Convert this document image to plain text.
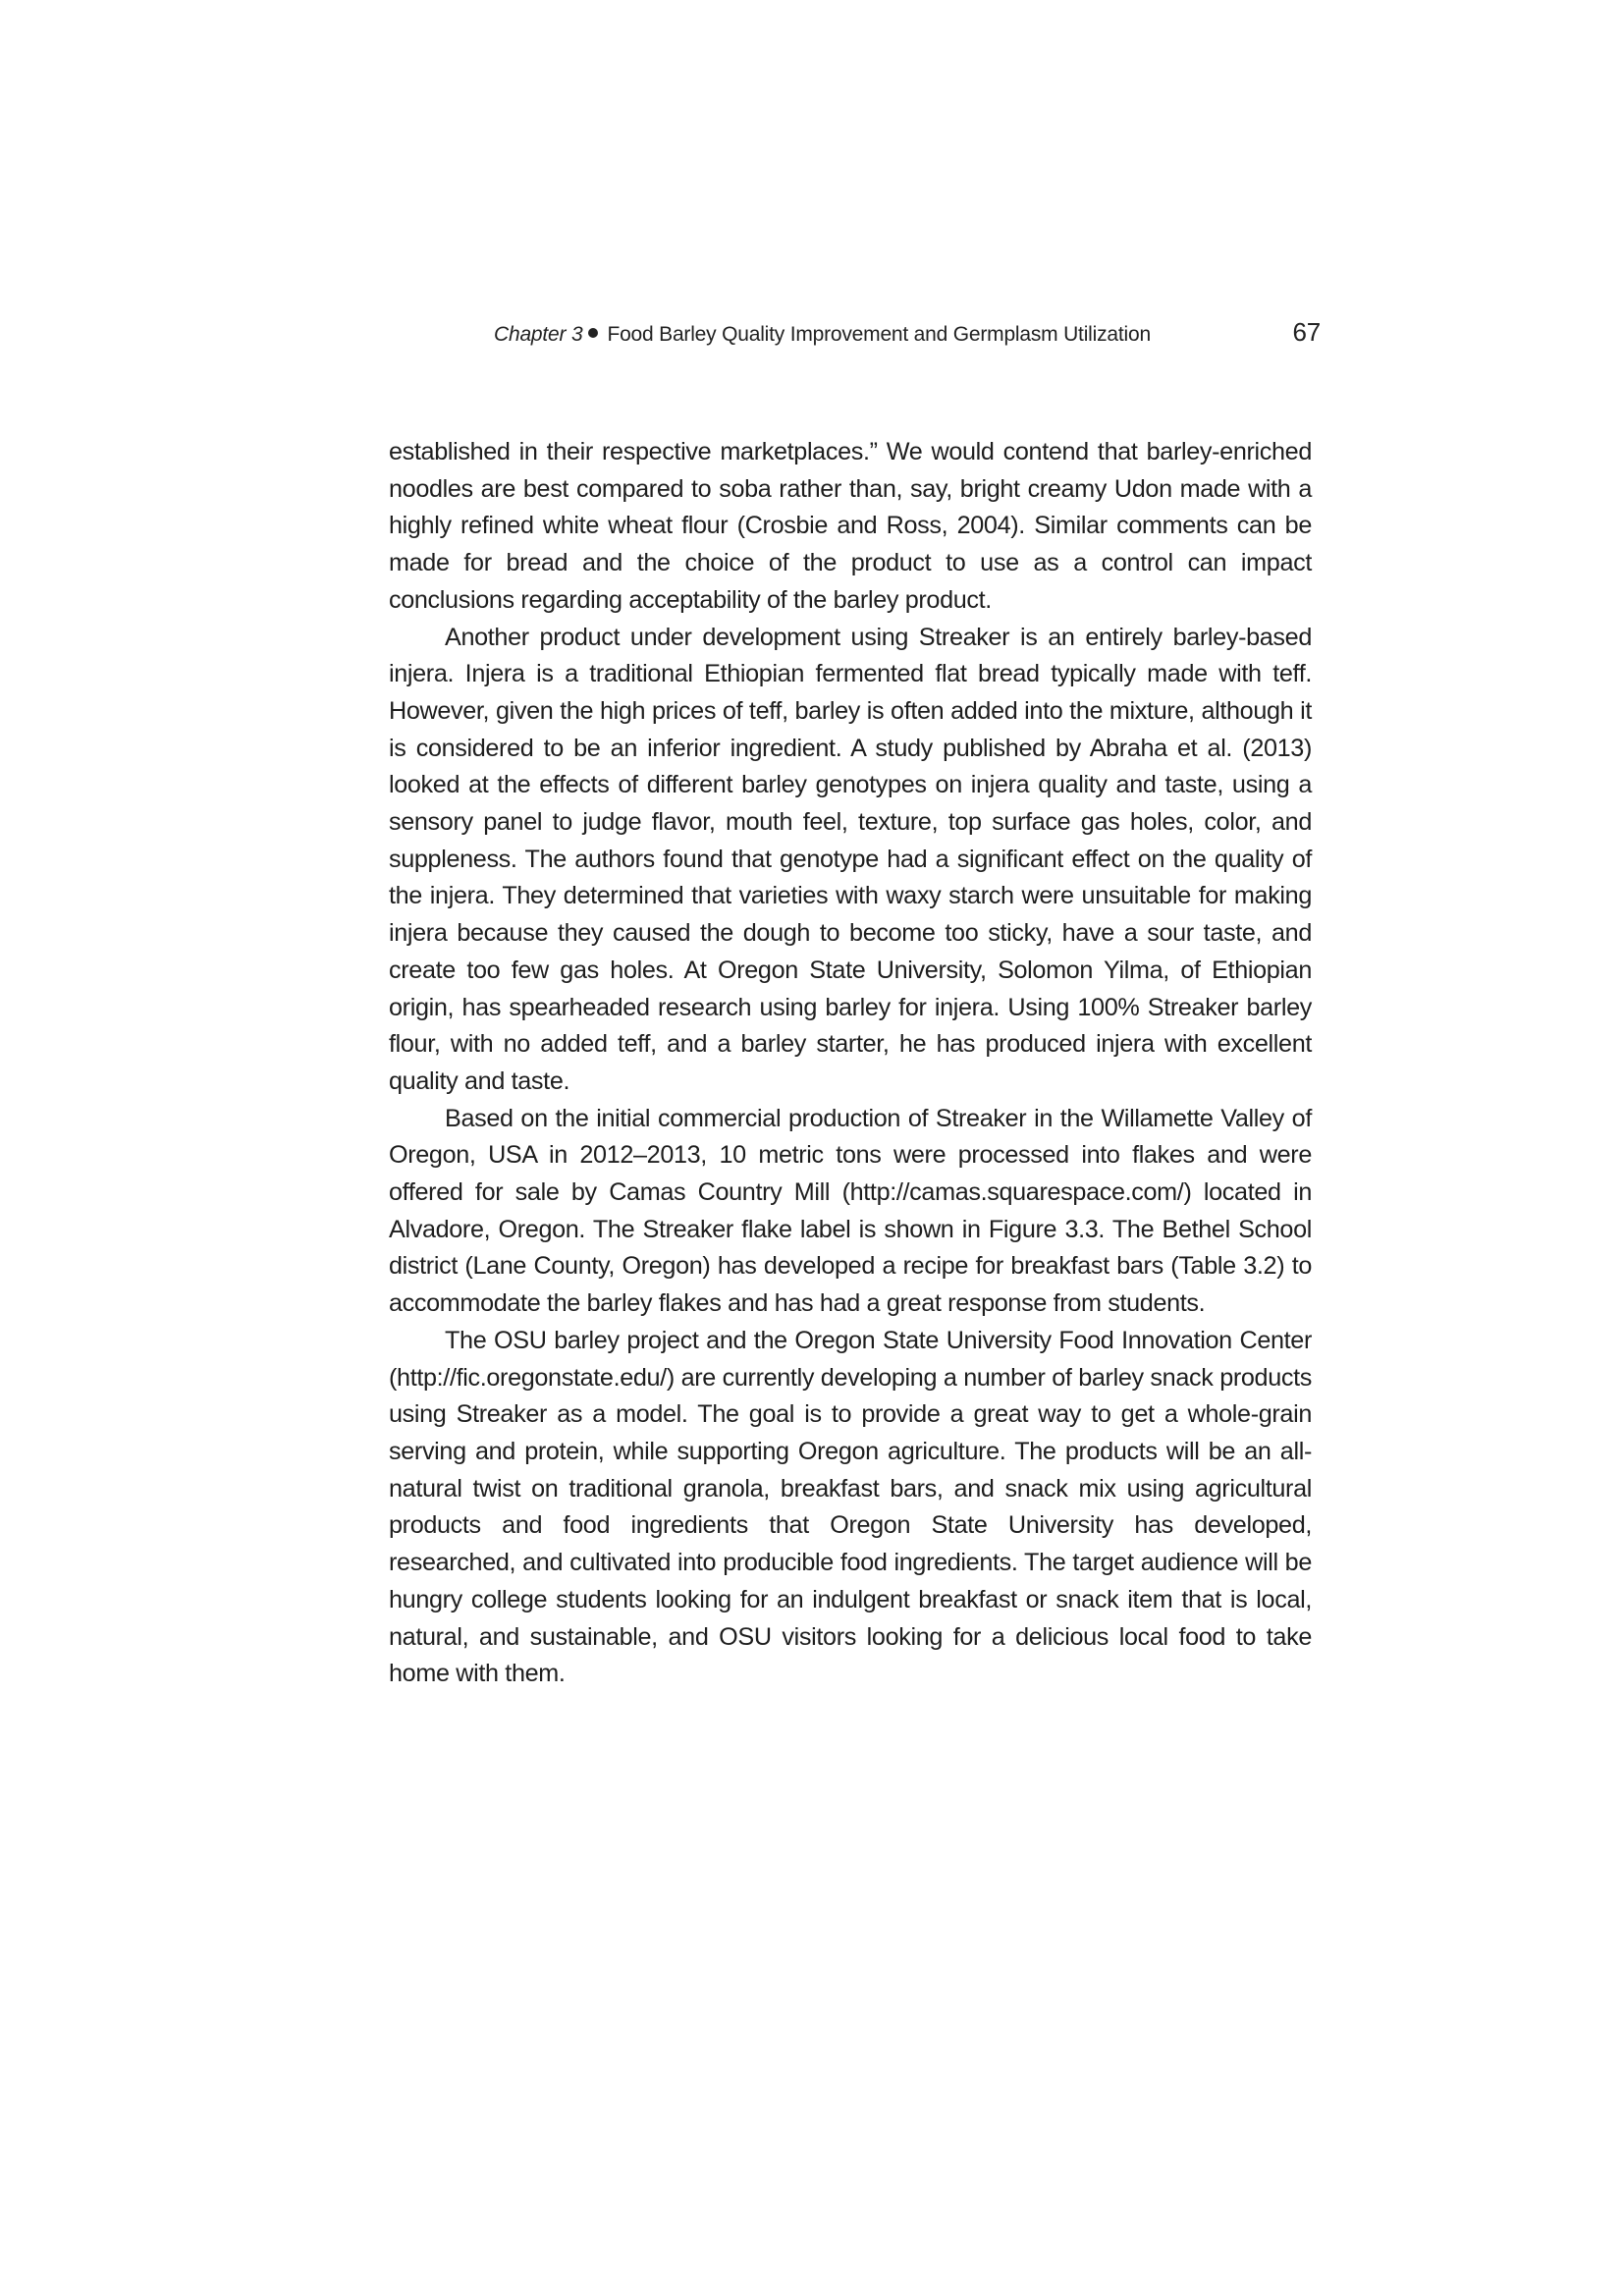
Chapter 3 Food Barley Quality Improvement and Germplasm Utilization	67

established in their respective marketplaces.” We would contend that barley-enriched noodles are best compared to soba rather than, say, bright creamy Udon made with a highly refined white wheat flour (Crosbie and Ross, 2004). Similar comments can be made for bread and the choice of the product to use as a control can impact conclusions regarding acceptability of the barley product.

Another product under development using Streaker is an entirely barley-based injera. Injera is a traditional Ethiopian fermented flat bread typically made with teff. However, given the high prices of teff, barley is often added into the mixture, although it is considered to be an inferior ingredient. A study published by Abraha et al. (2013) looked at the effects of different barley genotypes on injera quality and taste, using a sensory panel to judge flavor, mouth feel, texture, top surface gas holes, color, and suppleness. The authors found that genotype had a significant effect on the quality of the injera. They determined that varieties with waxy starch were unsuitable for making injera because they caused the dough to become too sticky, have a sour taste, and create too few gas holes. At Oregon State University, Solomon Yilma, of Ethiopian origin, has spearheaded research using barley for injera. Using 100% Streaker barley flour, with no added teff, and a barley starter, he has produced injera with excellent quality and taste.

Based on the initial commercial production of Streaker in the Willamette Valley of Oregon, USA in 2012–2013, 10 metric tons were processed into flakes and were offered for sale by Camas Country Mill (http://camas.squarespace.com/) located in Alvadore, Oregon. The Streaker flake label is shown in Figure 3.3. The Bethel School district (Lane County, Oregon) has developed a recipe for breakfast bars (Table 3.2) to accommodate the barley flakes and has had a great response from students.

The OSU barley project and the Oregon State University Food Innovation Center (http://fic.oregonstate.edu/) are currently developing a number of barley snack products using Streaker as a model. The goal is to provide a great way to get a whole-grain serving and protein, while supporting Oregon agriculture. The products will be an all-natural twist on traditional granola, breakfast bars, and snack mix using agricultural products and food ingredients that Oregon State University has developed, researched, and cultivated into producible food ingredients. The target audience will be hungry college students looking for an indulgent breakfast or snack item that is local, natural, and sustainable, and OSU visitors looking for a delicious local food to take home with them.
